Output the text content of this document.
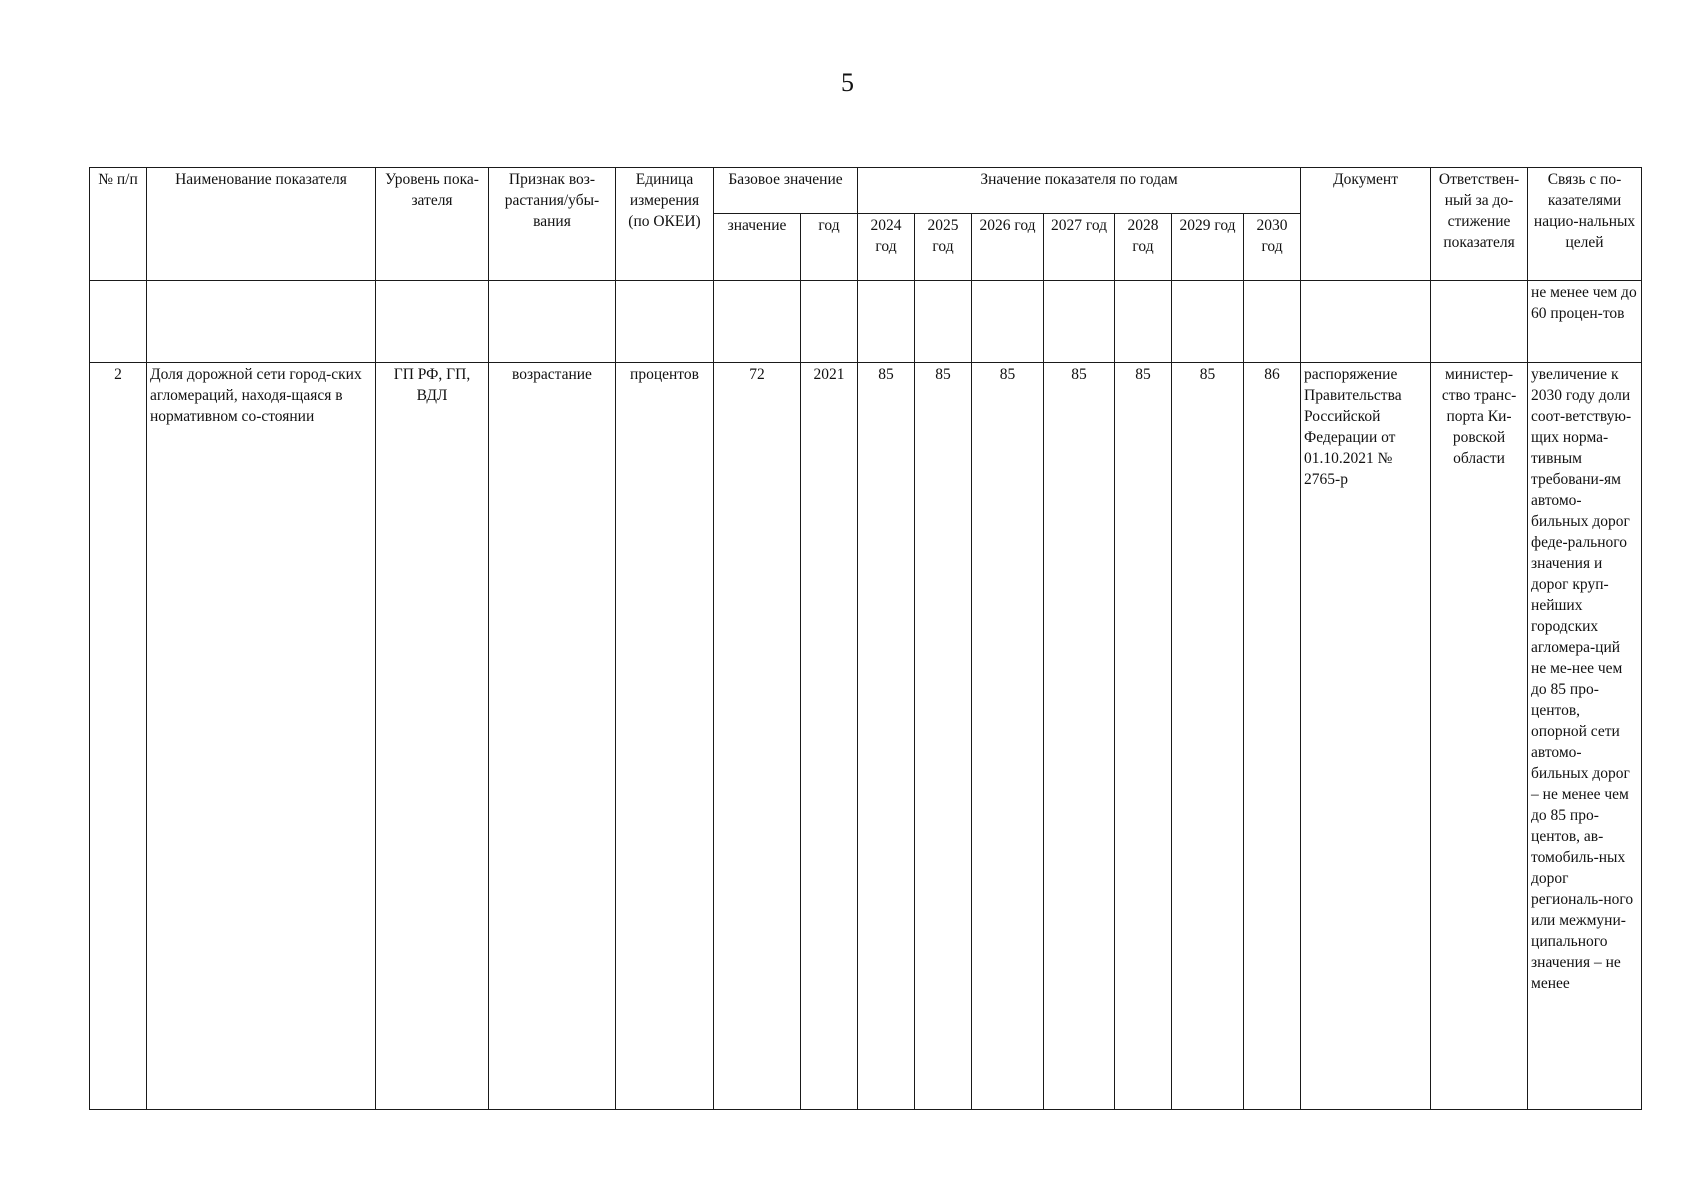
5
№ п/п	Наименование показателя	Уровень пока-зателя	Признак воз-растания/убы-вания	Единица измерения (по ОКЕИ)	Базовое значение		Значение показателя по годам							Документ	Ответствен-ный за до-стижение показателя	Связь с по-казателями нацио-нальных целей
					значение	год	2024 год	2025 год	2026 год	2027 год	2028 год	2029 год	2030 год			
																не менее чем до 60 процен-тов
2	Доля дорожной сети город-ских агломераций, находя-щаяся в нормативном со-стоянии	ГП РФ, ГП, ВДЛ	возрастание	процентов	72	2021	85	85	85	85	85	85	86	распоряжение Правительства Российской Федерации от 01.10.2021 № 2765-р	министер-ство транс-порта Ки-ровской области	увеличение к 2030 году доли соот-ветствую-щих норма-тивным требовани-ям автомо-бильных дорог феде-рального значения и дорог круп-нейших городских агломера-ций не ме-нее чем до 85 про-центов, опорной сети автомо-бильных дорог – не менее чем до 85 про-центов, ав-томобиль-ных дорог региональ-ного или межмуни-ципального значения – не менее
